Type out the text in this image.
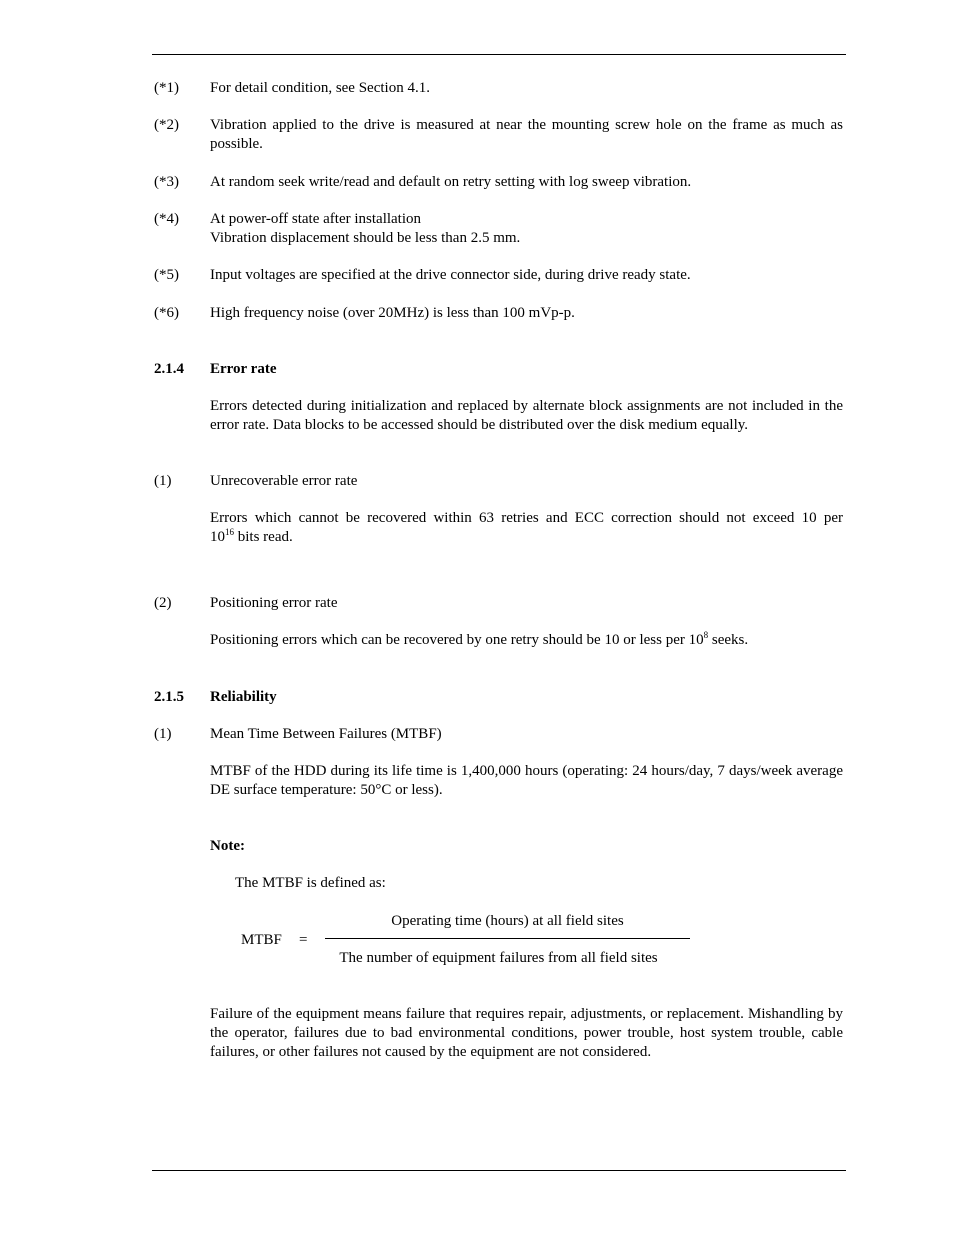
(*1) For detail condition, see Section 4.1.
(*2) Vibration applied to the drive is measured at near the mounting screw hole on the frame as much as possible.
(*3) At random seek write/read and default on retry setting with log sweep vibration.
(*4) At power-off state after installation
Vibration displacement should be less than 2.5 mm.
(*5) Input voltages are specified at the drive connector side, during drive ready state.
(*6) High frequency noise (over 20MHz) is less than 100 mVp-p.
2.1.4 Error rate
Errors detected during initialization and replaced by alternate block assignments are not included in the error rate. Data blocks to be accessed should be distributed over the disk medium equally.
(1)	Unrecoverable error rate
Errors which cannot be recovered within 63 retries and ECC correction should not exceed 10 per
$10^{16}$ bits read.
(2)	Positioning error rate
Positioning errors which can be recovered by one retry should be 10 or less per $10^8$ seeks.
2.1.5 Reliability
(1)	Mean Time Between Failures (MTBF)
MTBF of the HDD during its life time is 1,400,000 hours (operating: 24 hours/day, 7 days/week average DE surface temperature: 50°C or less).
Note:
The MTBF is defined as:
MTBF =
Operating time (hours) at all field sites
The number of equipment failures from all field sites
Failure of the equipment means failure that requires repair, adjustments, or replacement. Mishandling by the operator, failures due to bad environmental conditions, power trouble, host system trouble, cable failures, or other failures not caused by the equipment are not considered.
